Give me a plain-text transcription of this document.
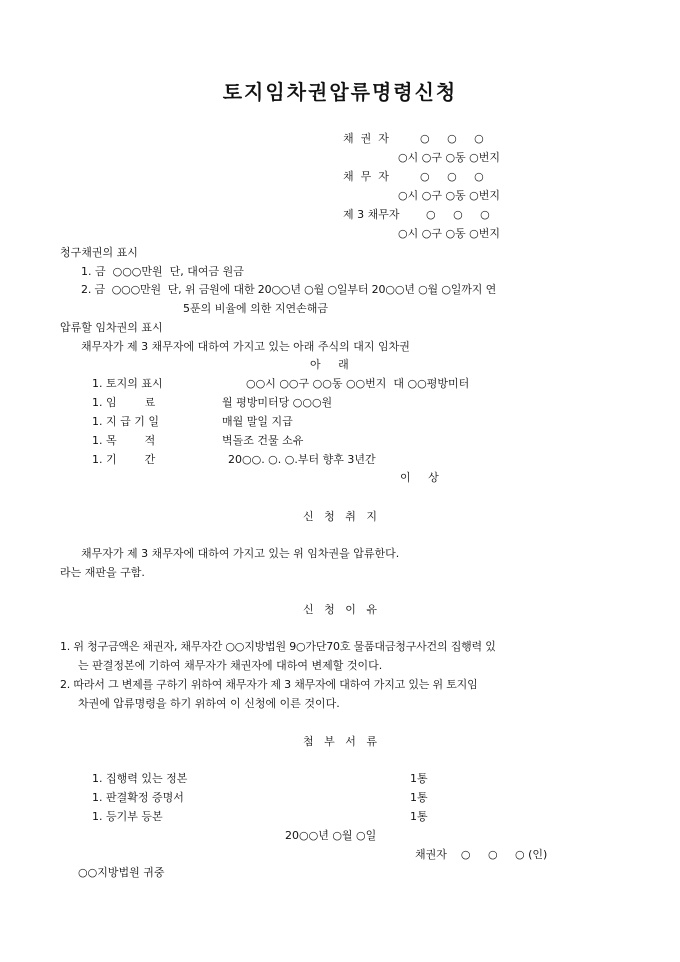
토지임차권압류명령신청
채  권  자	○     ○     ○
○시 ○구 ○동 ○번지
채  무  자	○     ○     ○
○시 ○구 ○동 ○번지
제 3 채무자 ○     ○     ○
○시 ○구 ○동 ○번지
청구채권의 표시
1. 금  ○○○만원  단, 대여금 원금
2. 금  ○○○만원  단, 위 금원에 대한 20○○년 ○월 ○일부터 20○○년 ○월 ○일까지 연
5푼의 비율에 의한 지연손해금
압류할 임차권의 표시
채무자가 제 3 채무자에 대하여 가지고 있는 아래 주식의 대지 임차권
아     래
1. 토지의 표시	○○시 ○○구 ○○동 ○○번지  대 ○○평방미터
1. 임        료	월 평방미터당 ○○○원
1. 지 급 기 일	매월 말일 지급
1. 목        적	벽돌조 건물 소유
1. 기        간	20○○. ○. ○.부터 향후 3년간
이     상
신   청   취   지
채무자가 제 3 채무자에 대하여 가지고 있는 위 임차권을 압류한다.
라는 재판을 구함.
신   청   이   유
1. 위 청구금액은 채권자, 채무자간 ○○지방법원 9○가단70호 물품대금청구사건의 집행력 있
는 판결정본에 기하여 채무자가 채권자에 대하여 변제할 것이다.
2. 따라서 그 변제를 구하기 위하여 채무자가 제 3 채무자에 대하여 가지고 있는 위 토지임
차권에 압류명령을 하기 위하여 이 신청에 이른 것이다.
첨   부   서   류
1. 집행력 있는 정본	1통
1. 판결확정 증명서	1통
1. 등기부 등본	1통
20○○년 ○월 ○일
채권자    ○     ○     ○ (인)
○○지방법원 귀중
